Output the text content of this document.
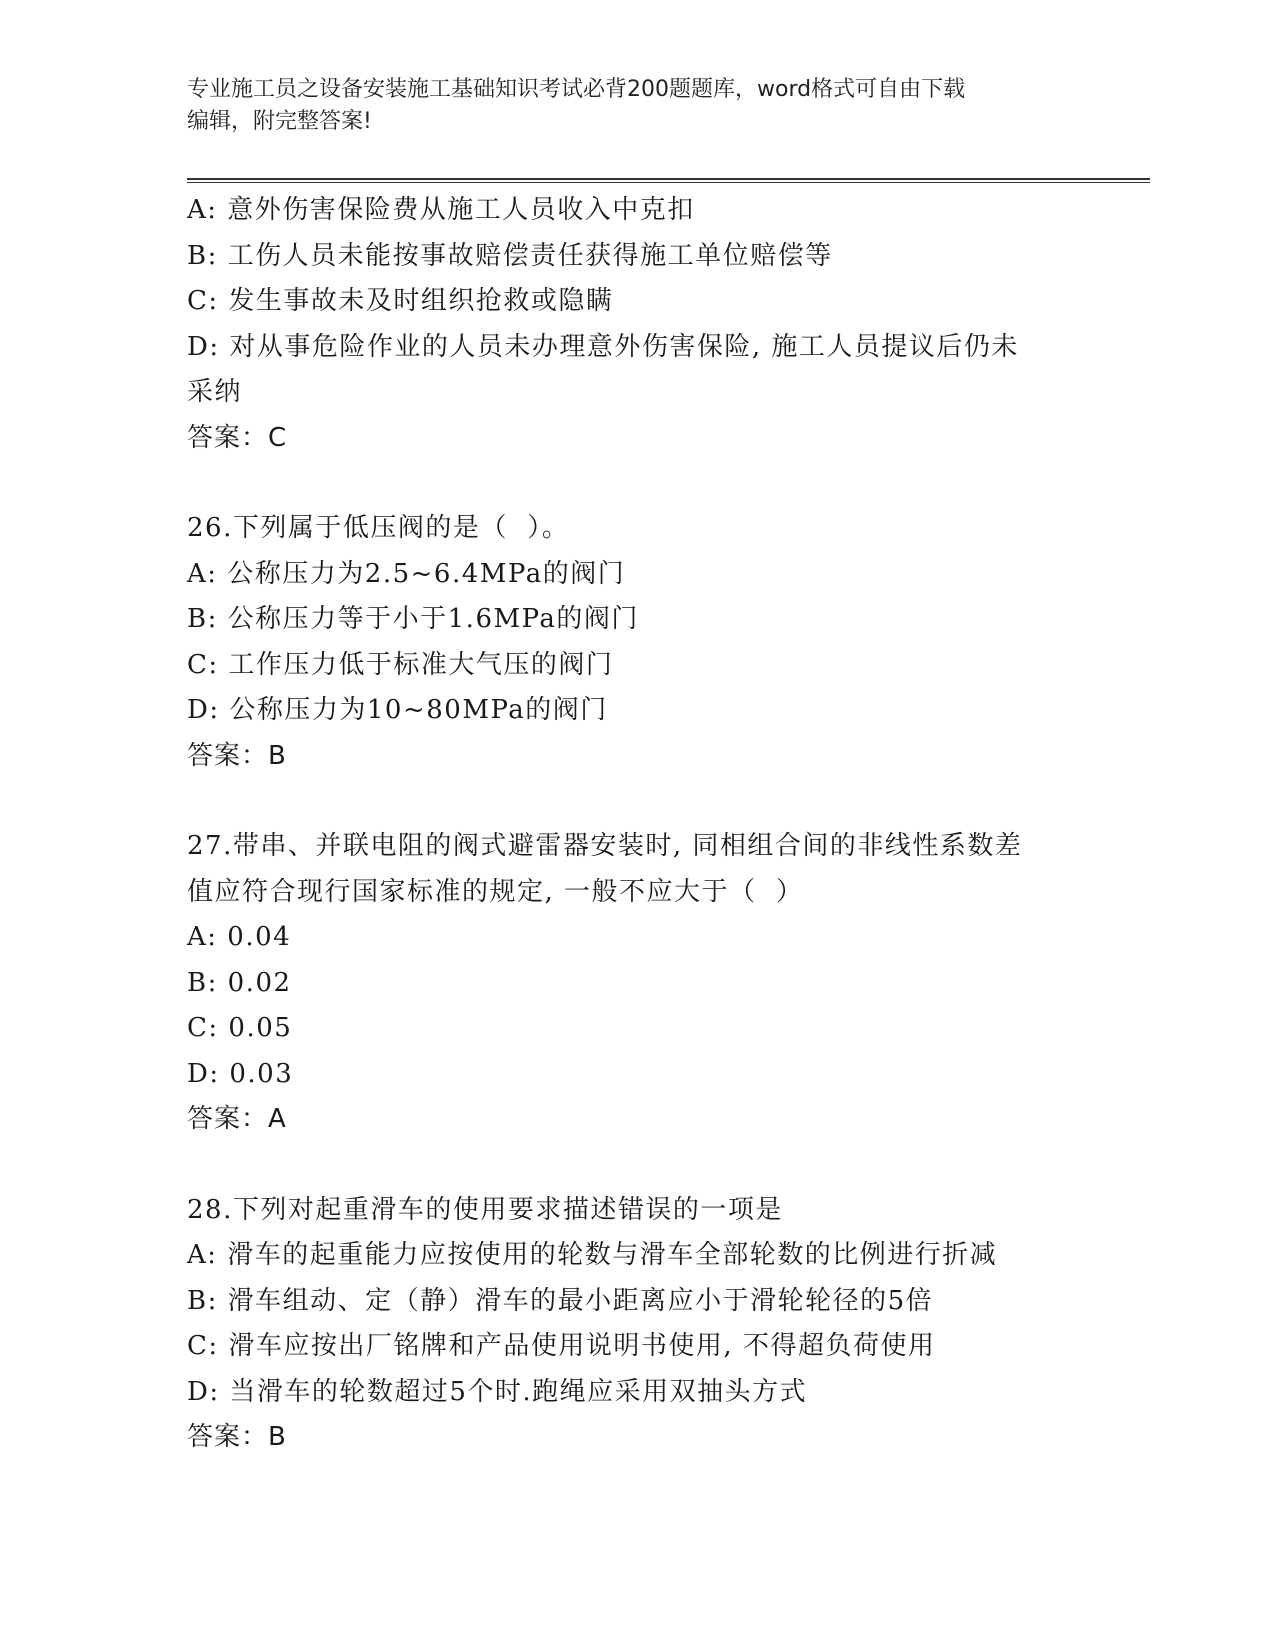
专业施工员之设备安装施工基础知识考试必背200题题库，word格式可自由下载
编辑，附完整答案!

A: 意外伤害保险费从施工人员收入中克扣

B: 工伤人员未能按事故赔偿责任获得施工单位赔偿等

C: 发生事故未及时组织抢救或隐瞒

D: 对从事危险作业的人员未办理意外伤害保险, 施工人员提议后仍未

采纳

答案：C

26.下列属于低压阀的是（  ）。

A: 公称压力为2.5~6.4MPa的阀门

B: 公称压力等于小于1.6MPa的阀门

C: 工作压力低于标准大气压的阀门

D: 公称压力为10~80MPa的阀门

答案：B

27.带串、并联电阻的阀式避雷器安装时, 同相组合间的非线性系数差

值应符合现行国家标准的规定, 一般不应大于（  ）

A: 0.04

B: 0.02

C: 0.05

D: 0.03

答案：A

28.下列对起重滑车的使用要求描述错误的一项是

A: 滑车的起重能力应按使用的轮数与滑车全部轮数的比例进行折减

B: 滑车组动、定（静）滑车的最小距离应小于滑轮轮径的5倍

C: 滑车应按出厂铭牌和产品使用说明书使用, 不得超负荷使用

D: 当滑车的轮数超过5个时.跑绳应采用双抽头方式

答案：B
